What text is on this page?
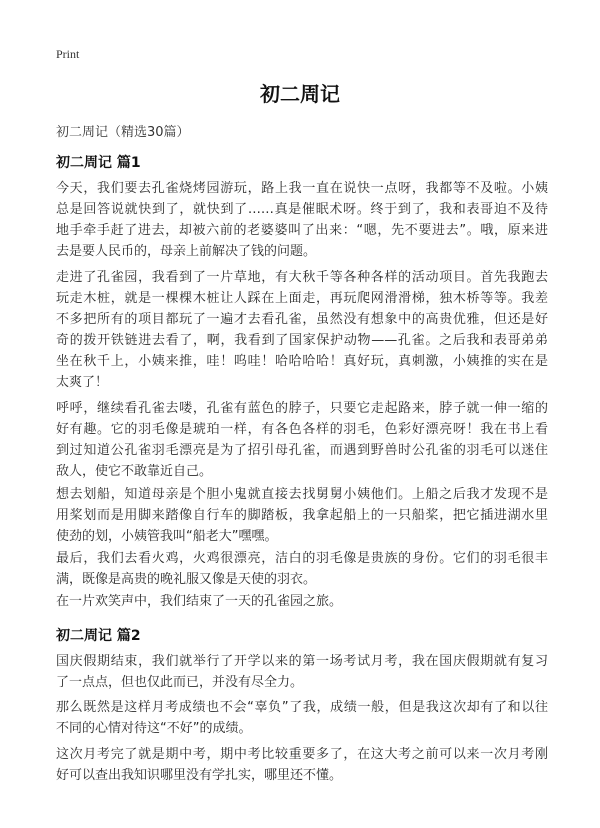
Print
初二周记
初二周记（精选30篇）
初二周记 篇1

今天，我们要去孔雀烧烤园游玩，路上我一直在说快一点呀，我都等不及啦。小姨
总是回答说就快到了，就快到了……真是催眠术呀。终于到了，我和表哥迫不及待
地手牵手赶了进去，却被六前的老婆婆叫了出来：“嗯，先不要进去”。哦，原来进
去是要人民币的，母亲上前解决了钱的问题。

走进了孔雀园，我看到了一片草地，有大秋千等各种各样的活动项目。首先我跑去
玩走木桩，就是一棵棵木桩让人踩在上面走，再玩爬网滑滑梯，独木桥等等。我差
不多把所有的项目都玩了一遍才去看孔雀，虽然没有想象中的高贵优雅，但还是好
奇的拨开铁链进去看了，啊，我看到了国家保护动物——孔雀。之后我和表哥弟弟
坐在秋千上，小姨来推，哇！呜哇！哈哈哈哈！真好玩，真刺激，小姨推的实在是
太爽了！

呼呼，继续看孔雀去喽，孔雀有蓝色的脖子，只要它走起路来，脖子就一伸一缩的
好有趣。它的羽毛像是琥珀一样，有各色各样的羽毛，色彩好漂亮呀！我在书上看
到过知道公孔雀羽毛漂亮是为了招引母孔雀，而遇到野兽时公孔雀的羽毛可以迷住
敌人，使它不敢靠近自己。

想去划船，知道母亲是个胆小鬼就直接去找舅舅小姨他们。上船之后我才发现不是
用桨划而是用脚来踏像自行车的脚踏板，我拿起船上的一只船桨，把它插进湖水里
使劲的划，小姨管我叫“船老大”嘿嘿。

最后，我们去看火鸡，火鸡很漂亮，洁白的羽毛像是贵族的身份。它们的羽毛很丰
满，既像是高贵的晚礼服又像是天使的羽衣。

在一片欢笑声中，我们结束了一天的孔雀园之旅。

初二周记 篇2

国庆假期结束，我们就举行了开学以来的第一场考试月考，我在国庆假期就有复习
了一点点，但也仅此而已，并没有尽全力。

那么既然是这样月考成绩也不会“辜负”了我，成绩一般，但是我这次却有了和以往
不同的心情对待这“不好”的成绩。

这次月考完了就是期中考，期中考比较重要多了，在这大考之前可以来一次月考刚
好可以查出我知识哪里没有学扎实，哪里还不懂。
